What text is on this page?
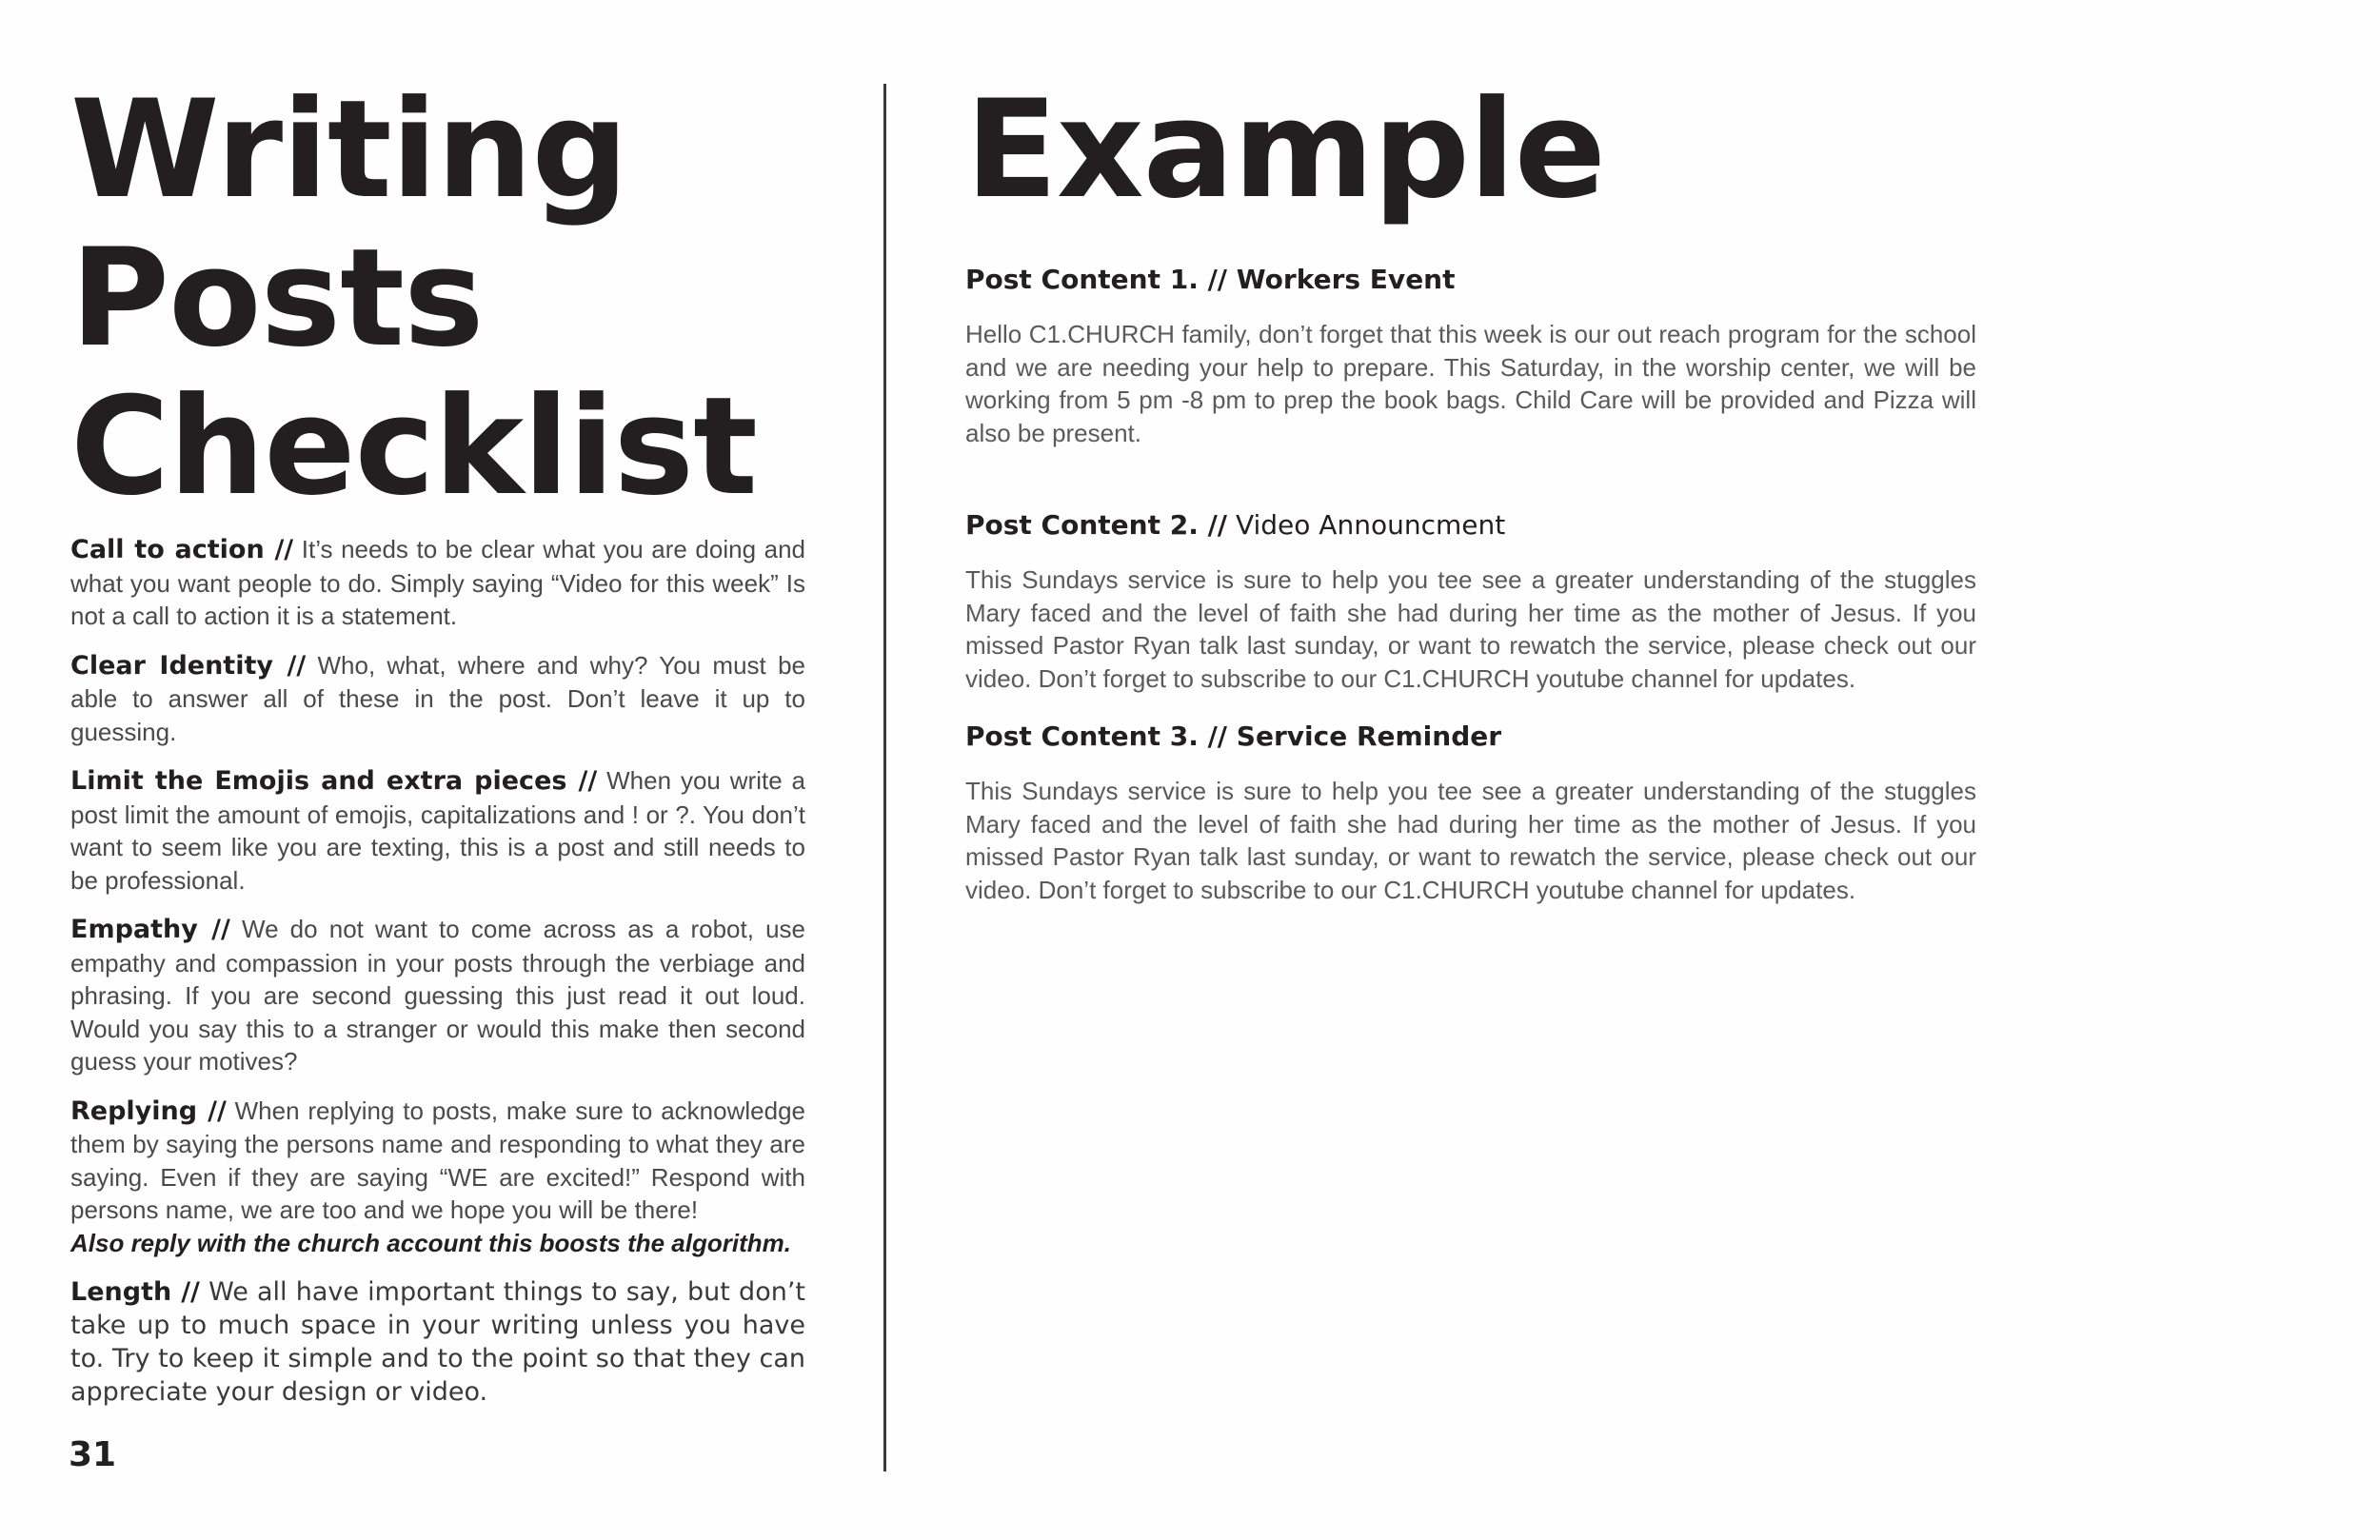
Writing
Posts
Checklist

Call to action // It’s needs to be clear what you are doing and what you want people to do. Simply saying “Video for this week” Is not a call to action it is a statement.

Clear Identity // Who, what, where and why? You must be able to answer all of these in the post. Don’t leave it up to guessing.

Limit the Emojis and extra pieces // When you write a post limit the amount of emojis, capitalizations and ! or ?. You don’t want to seem like you are texting, this is a post and still needs to be professional.

Empathy // We do not want to come across as a robot, use empathy and compassion in your posts through the verbiage and phrasing. If you are second guessing this just read it out loud. Would you say this to a stranger or would this make then second guess your motives?

Replying // When replying to posts, make sure to acknowledge them by saying the persons name and responding to what they are saying. Even if they are saying “WE are excited!” Respond with persons name, we are too and we hope you will be there!
Also reply with the church account this boosts the algorithm.

Length // We all have important things to say, but don’t take up to much space in your writing unless you have to. Try to keep it simple and to the point so that they can appreciate your design or video.

31
Example

Post Content 1. // Workers Event

Hello C1.CHURCH family, don’t forget that this week is our out reach program for the school and we are needing your help to prepare. This Saturday, in the worship center, we will be working from 5 pm -8 pm to prep the book bags. Child Care will be provided and Pizza will also be present.

Post Content 2. // Video Announcment

This Sundays service is sure to help you tee see a greater understanding of the stuggles Mary faced and the level of faith she had during her time as the mother of Jesus. If you missed Pastor Ryan talk last sunday, or want to rewatch the service, please check out our video. Don’t forget to subscribe to our C1.CHURCH youtube channel for updates.

Post Content 3. // Service Reminder

This Sundays service is sure to help you tee see a greater understanding of the stuggles Mary faced and the level of faith she had during her time as the mother of Jesus. If you missed Pastor Ryan talk last sunday, or want to rewatch the service, please check out our video. Don’t forget to subscribe to our C1.CHURCH youtube channel for updates.
